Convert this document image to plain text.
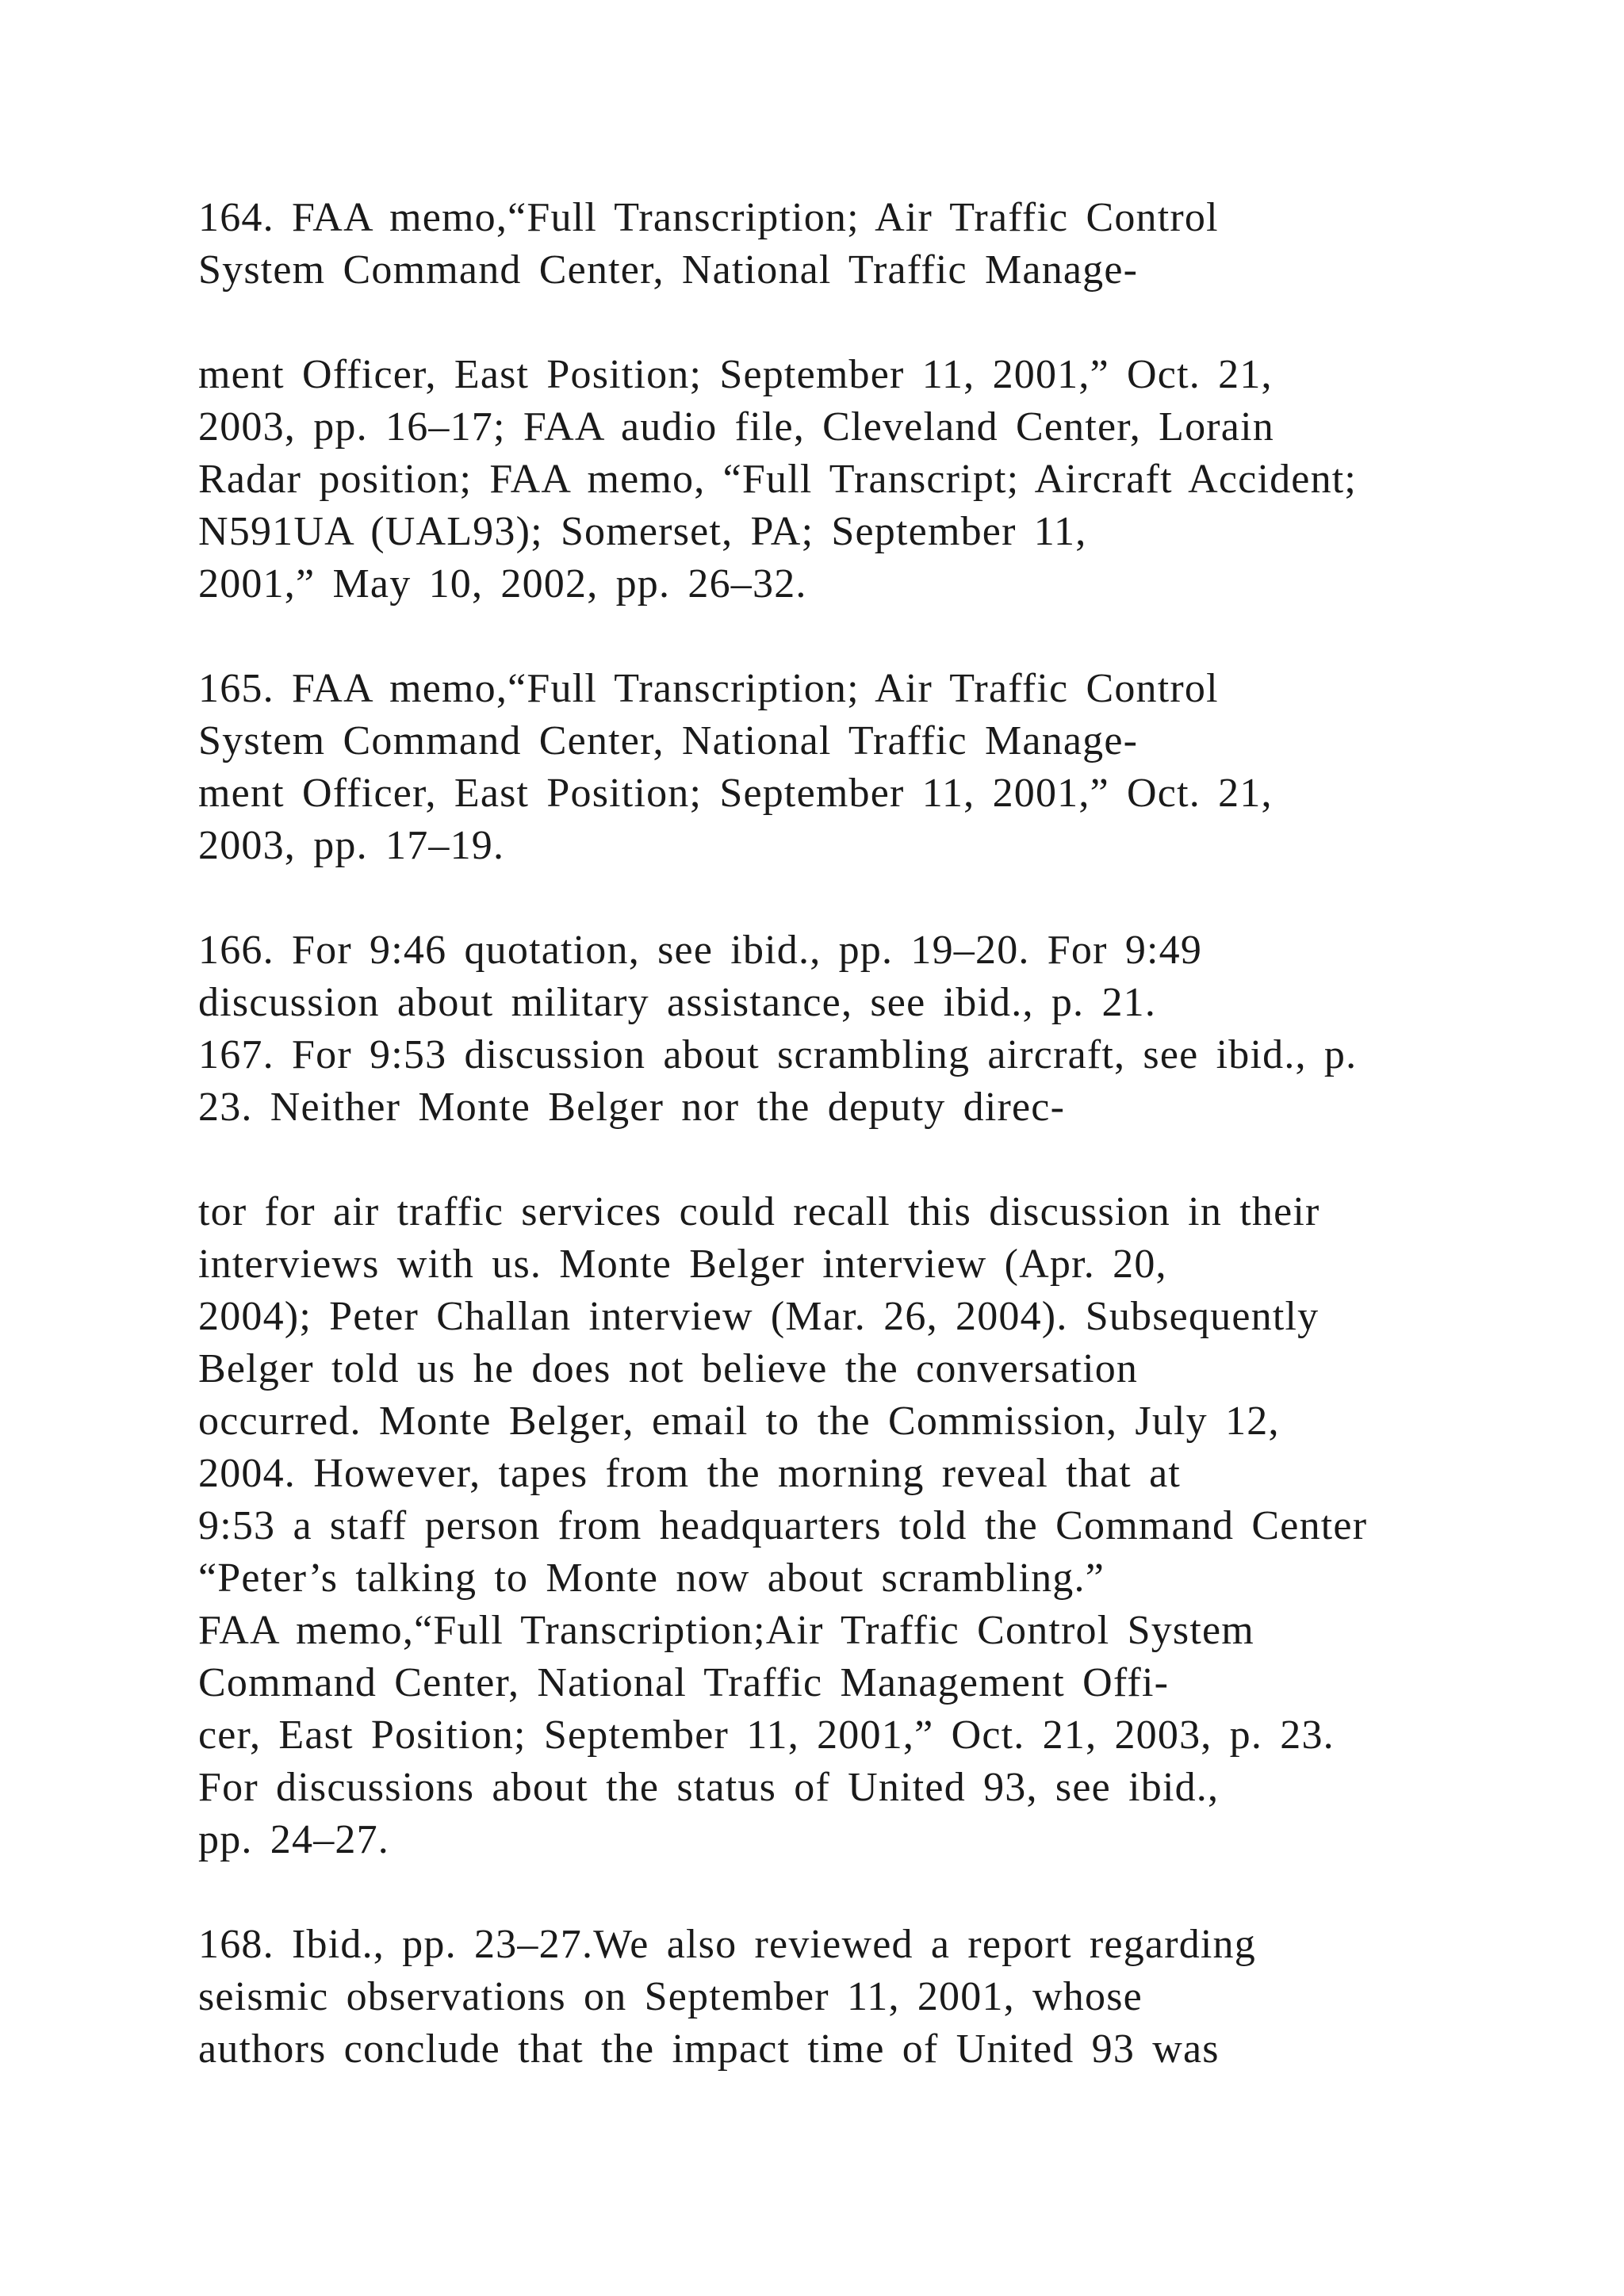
164. FAA memo,“Full Transcription; Air Traffic Control
System Command Center, National Traffic Manage-
ment Officer, East Position; September 11, 2001,” Oct. 21,
2003, pp. 16–17; FAA audio file, Cleveland Center, Lorain
Radar position; FAA memo, “Full Transcript; Aircraft Accident;
N591UA (UAL93); Somerset, PA; September 11,
2001,” May 10, 2002, pp. 26–32.
165. FAA memo,“Full Transcription; Air Traffic Control
System Command Center, National Traffic Manage-
ment Officer, East Position; September 11, 2001,” Oct. 21,
2003, pp. 17–19.
166. For 9:46 quotation, see ibid., pp. 19–20. For 9:49
discussion about military assistance, see ibid., p. 21.
167. For 9:53 discussion about scrambling aircraft, see ibid., p.
23. Neither Monte Belger nor the deputy direc-
tor for air traffic services could recall this discussion in their
interviews with us. Monte Belger interview (Apr. 20,
2004); Peter Challan interview (Mar. 26, 2004). Subsequently
Belger told us he does not believe the conversation
occurred. Monte Belger, email to the Commission, July 12,
2004. However, tapes from the morning reveal that at
9:53 a staff person from headquarters told the Command Center
“Peter’s talking to Monte now about scrambling.”
FAA memo,“Full Transcription;Air Traffic Control System
Command Center, National Traffic Management Offi-
cer, East Position; September 11, 2001,” Oct. 21, 2003, p. 23.
For discussions about the status of United 93, see ibid.,
pp. 24–27.
168. Ibid., pp. 23–27.We also reviewed a report regarding
seismic observations on September 11, 2001, whose
authors conclude that the impact time of United 93 was
